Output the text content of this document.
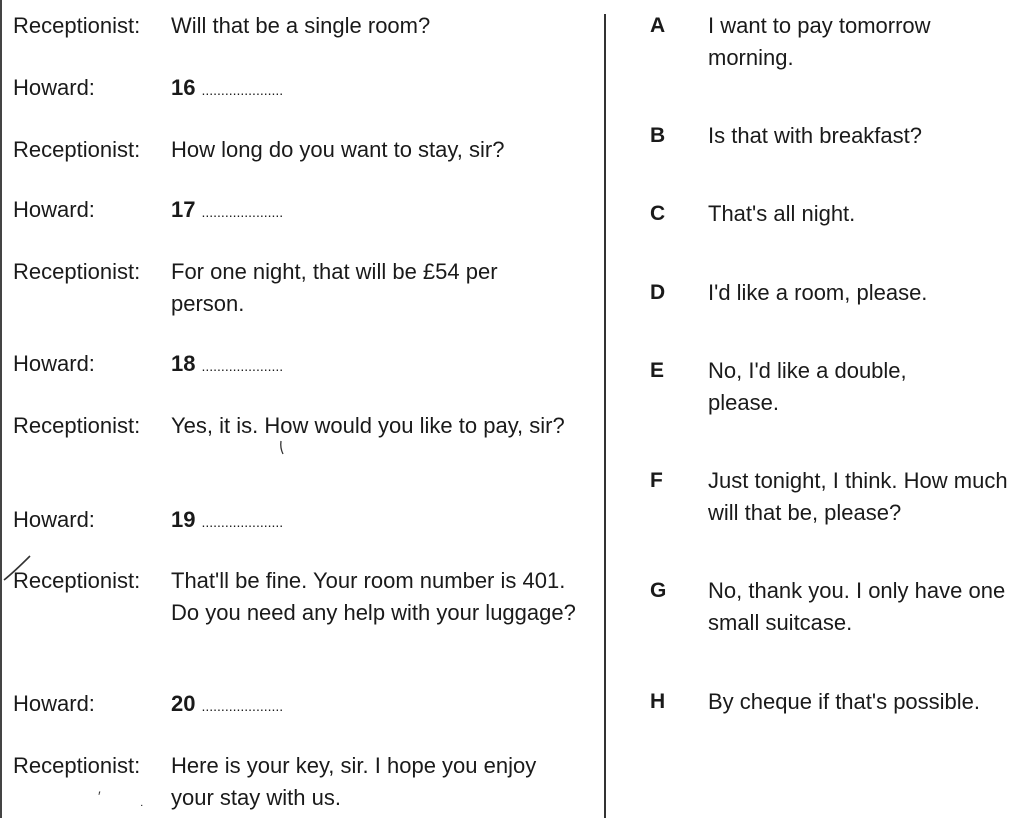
Receptionist: Will that be a single room?
Howard:	16 .....................
Receptionist: How long do you want to stay, sir?
Howard:	17 .....................
Receptionist: For one night, that will be £54 per person.
Howard:	18 .....................
Receptionist: Yes, it is. How would you like to pay, sir?
Howard:	19 .....................
Receptionist: That'll be fine. Your room number is 401. Do you need any help with your luggage?
Howard:	20 .....................
Receptionist: Here is your key, sir. I hope you enjoy your stay with us.
′
˙
A I want to pay tomorrow morning.
B Is that with breakfast?
C That's all night.
D I'd like a room, please.
E No, I'd like a double, please.
F Just tonight, I think. How much will that be, please?
G No, thank you. I only have one small suitcase.
H By cheque if that's possible.
